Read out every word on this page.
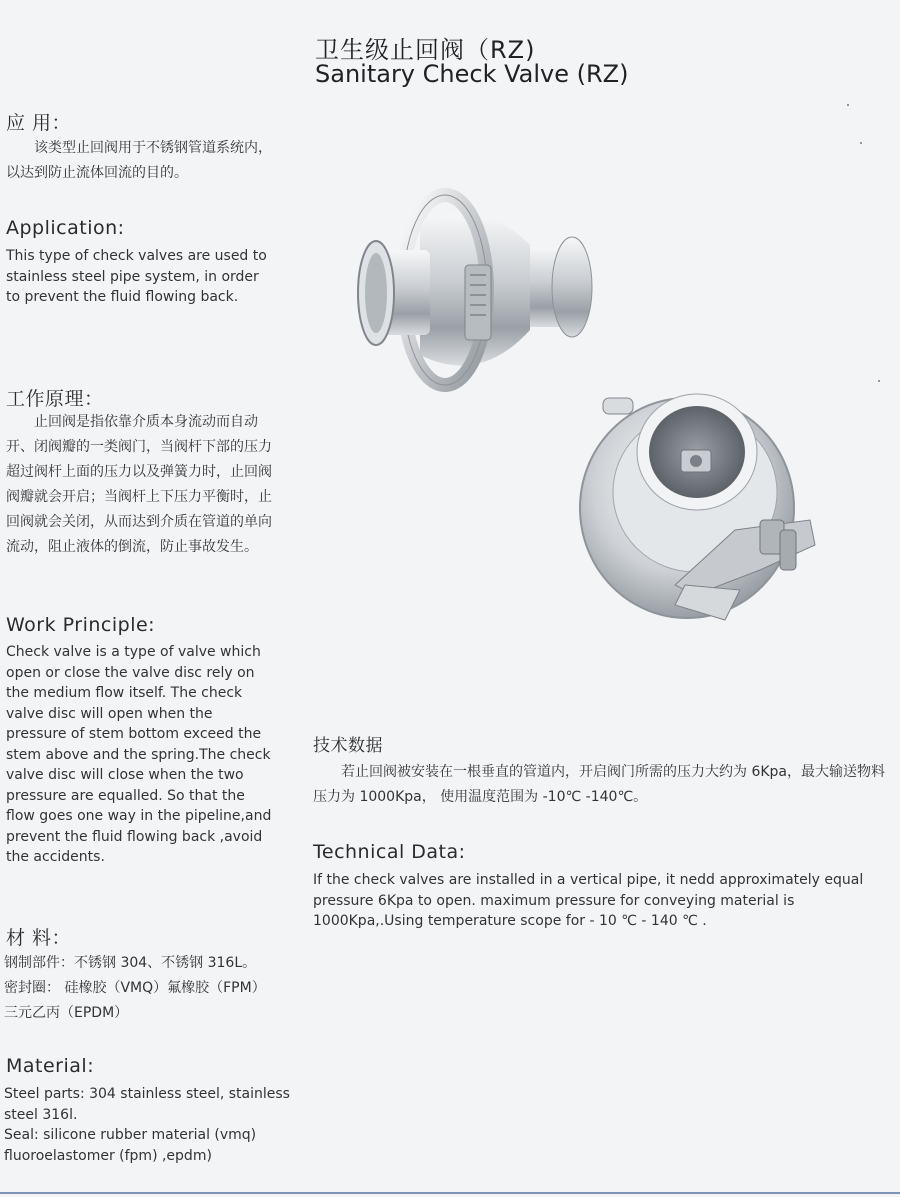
卫生级止回阀（RZ)
Sanitary Check Valve (RZ)
应 用：

该类型止回阀用于不锈钢管道系统内，以达到防止流体回流的目的。

Application:

This type of check valves are used to stainless steel pipe system, in order to prevent the fluid flowing back.

工作原理：

止回阀是指依靠介质本身流动而自动开、闭阀瓣的一类阀门，当阀杆下部的压力超过阀杆上面的压力以及弹簧力时，止回阀阀瓣就会开启；当阀杆上下压力平衡时，止回阀就会关闭，从而达到介质在管道的单向流动，阻止液体的倒流，防止事故发生。

Work Principle:

Check valve is a type of valve which open or close the valve disc rely on the medium flow itself. The check valve disc will open when the pressure of stem bottom exceed the stem above and the spring.The check valve disc will close when the two pressure are equalled. So that the flow goes one way in the pipeline,and prevent the fluid flowing back ,avoid the accidents.

材 料：
钢制部件：不锈钢 304、不锈钢 316L。
密封圈： 硅橡胶（VMQ）氟橡胶（FPM）
三元乙丙（EPDM）
Material:
Steel parts: 304 stainless steel, stainless
steel 316l.
Seal: silicone rubber material (vmq)
fluoroelastomer (fpm) ,epdm)
技术数据

若止回阀被安装在一根垂直的管道内，开启阀门所需的压力大约为 6Kpa，最大输送物料压力为 1000Kpa， 使用温度范围为 -10℃ -140℃。

Technical Data:

If the check valves are installed in a vertical pipe, it nedd approximately equal pressure 6Kpa to open. maximum pressure for conveying material is 1000Kpa,.Using temperature scope for - 10 ℃ - 140 ℃ .
